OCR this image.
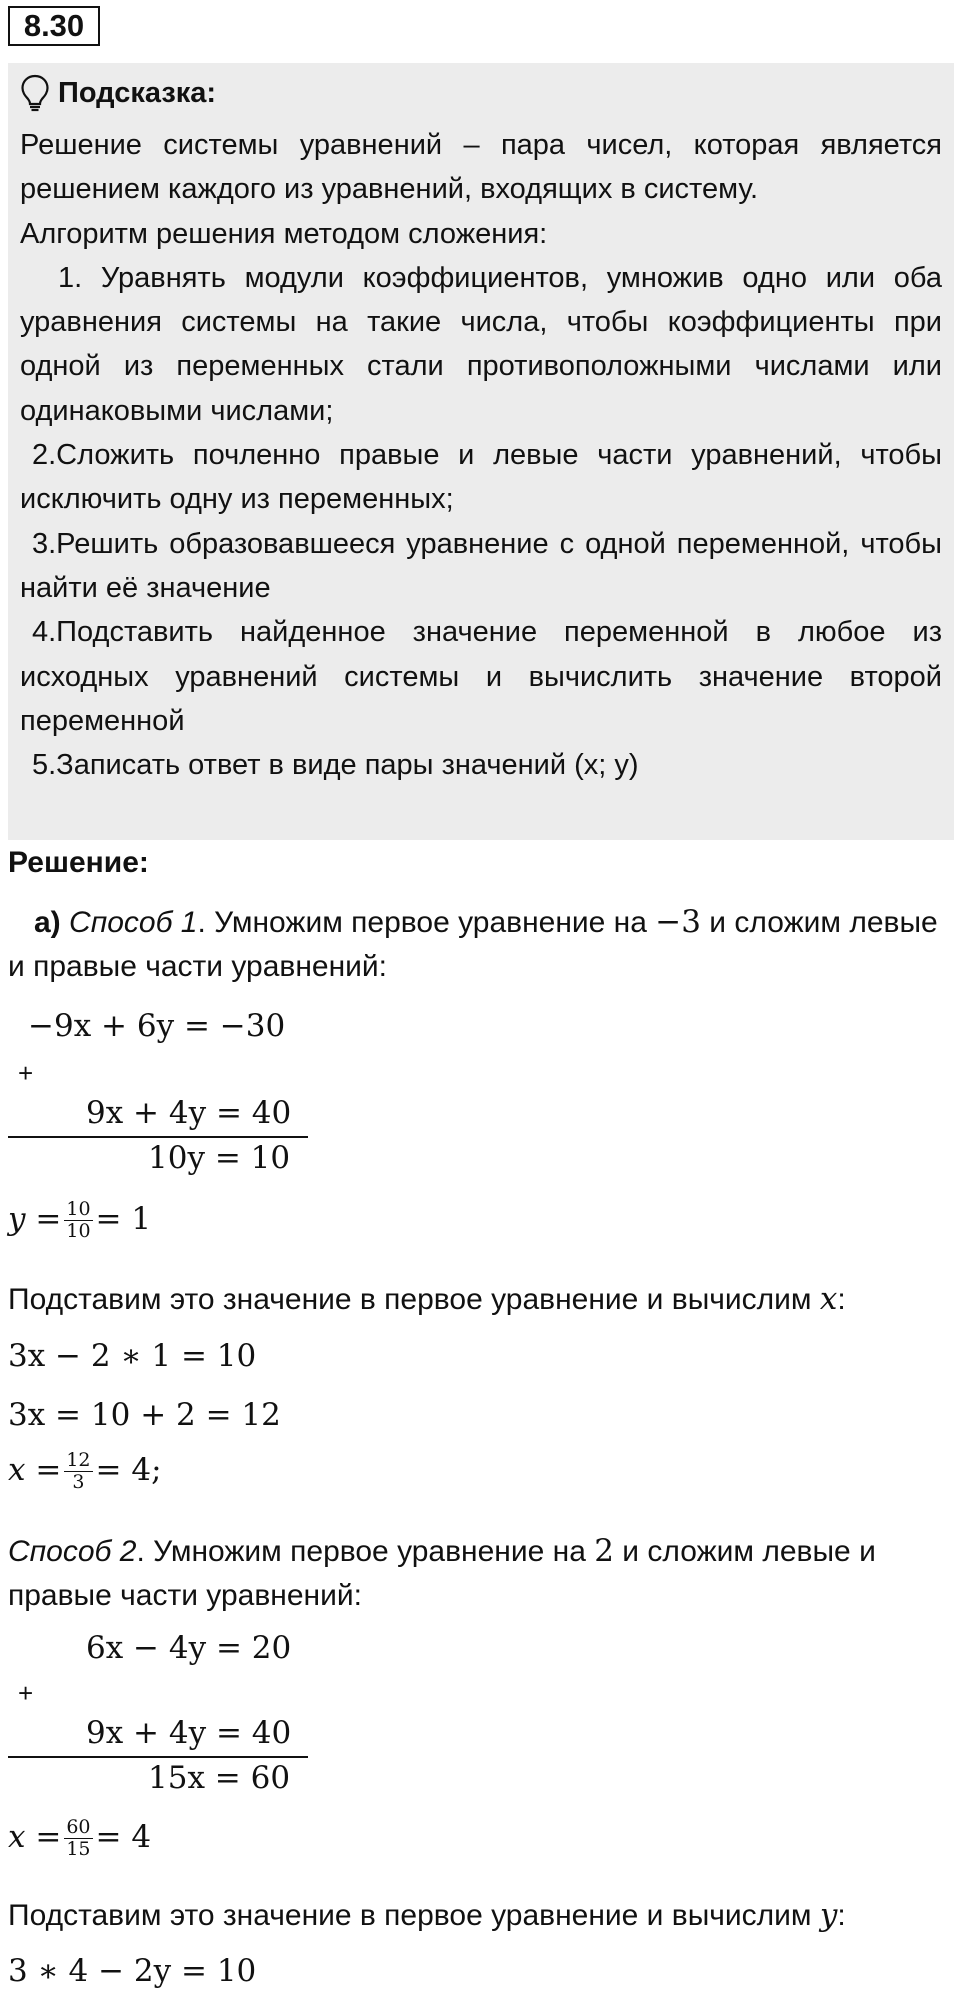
8.30
Подсказка:
Решение системы уравнений – пара чисел, которая является решением каждого из уравнений, входящих в систему.
Алгоритм решения методом сложения:
1. Уравнять модули коэффициентов, умножив одно или оба уравнения системы на такие числа, чтобы коэффициенты при одной из переменных стали противоположными числами или одинаковыми числами;
2.Сложить почленно правые и левые части уравнений, чтобы исключить одну из переменных;
3.Решить образовавшееся уравнение с одной переменной, чтобы найти её значение
4.Подставить найденное значение переменной в любое из исходных уравнений системы и вычислить значение второй переменной
5.Записать ответ в виде пары значений (x; y)
Решение:
а) Способ 1. Умножим первое уравнение на −3 и сложим левые и правые части уравнений:
−9x + 6y = −30
+
9x + 4y = 40
10y = 10
$y = \frac{10}{10} = 1$
Подставим это значение в первое уравнение и вычислим x:
3x − 2 ∗ 1 = 10
3x = 10 + 2 = 12
$x = \frac{12}{3} = 4$;
Способ 2. Умножим первое уравнение на 2 и сложим левые и правые части уравнений:
6x − 4y = 20
+
9x + 4y = 40
15x = 60
$x = \frac{60}{15} = 4$
Подставим это значение в первое уравнение и вычислим y:
3 ∗ 4 − 2y = 10
